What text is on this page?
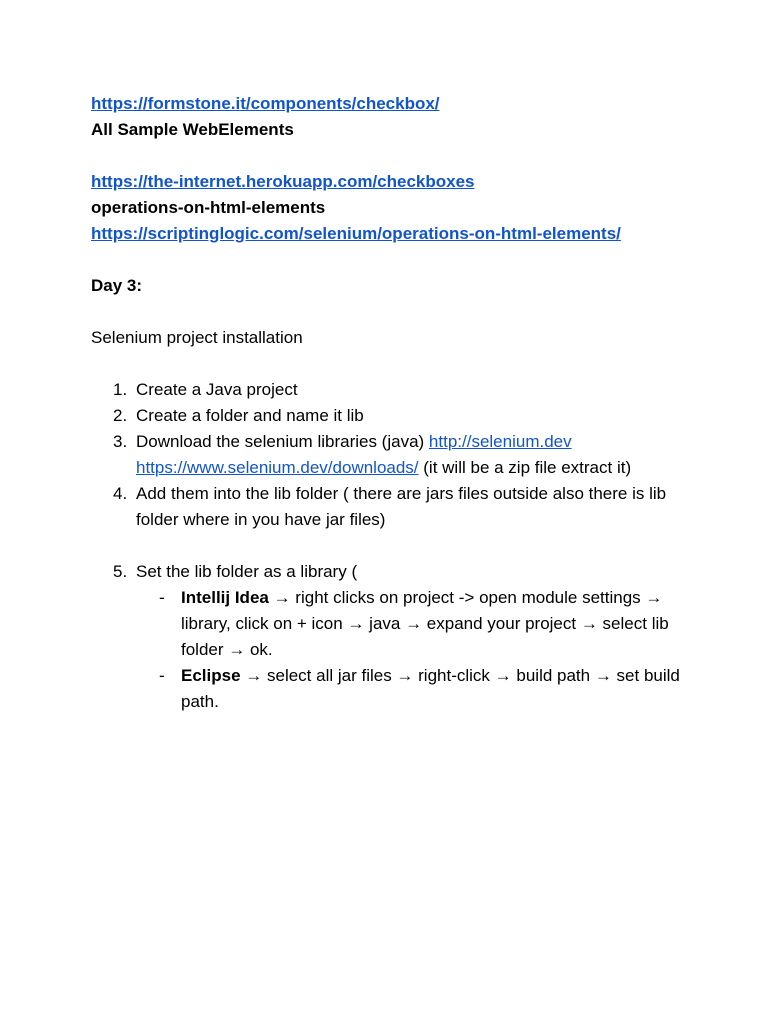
https://formstone.it/components/checkbox/
All Sample WebElements
https://the-internet.herokuapp.com/checkboxes
operations-on-html-elements
https://scriptinglogic.com/selenium/operations-on-html-elements/
Day 3:
Selenium project installation
1. Create a Java project
2. Create a folder and name it lib
3. Download the selenium libraries (java) http://selenium.dev
https://www.selenium.dev/downloads/ (it will be a zip file extract it)
4. Add them into the lib folder ( there are jars files outside also there is lib folder where in you have jar files)
5. Set the lib folder as a library (
- Intellij Idea → right clicks on project -> open module settings → library, click on + icon → java → expand your project → select lib folder → ok.
- Eclipse → select all jar files → right-click → build path → set build path.
